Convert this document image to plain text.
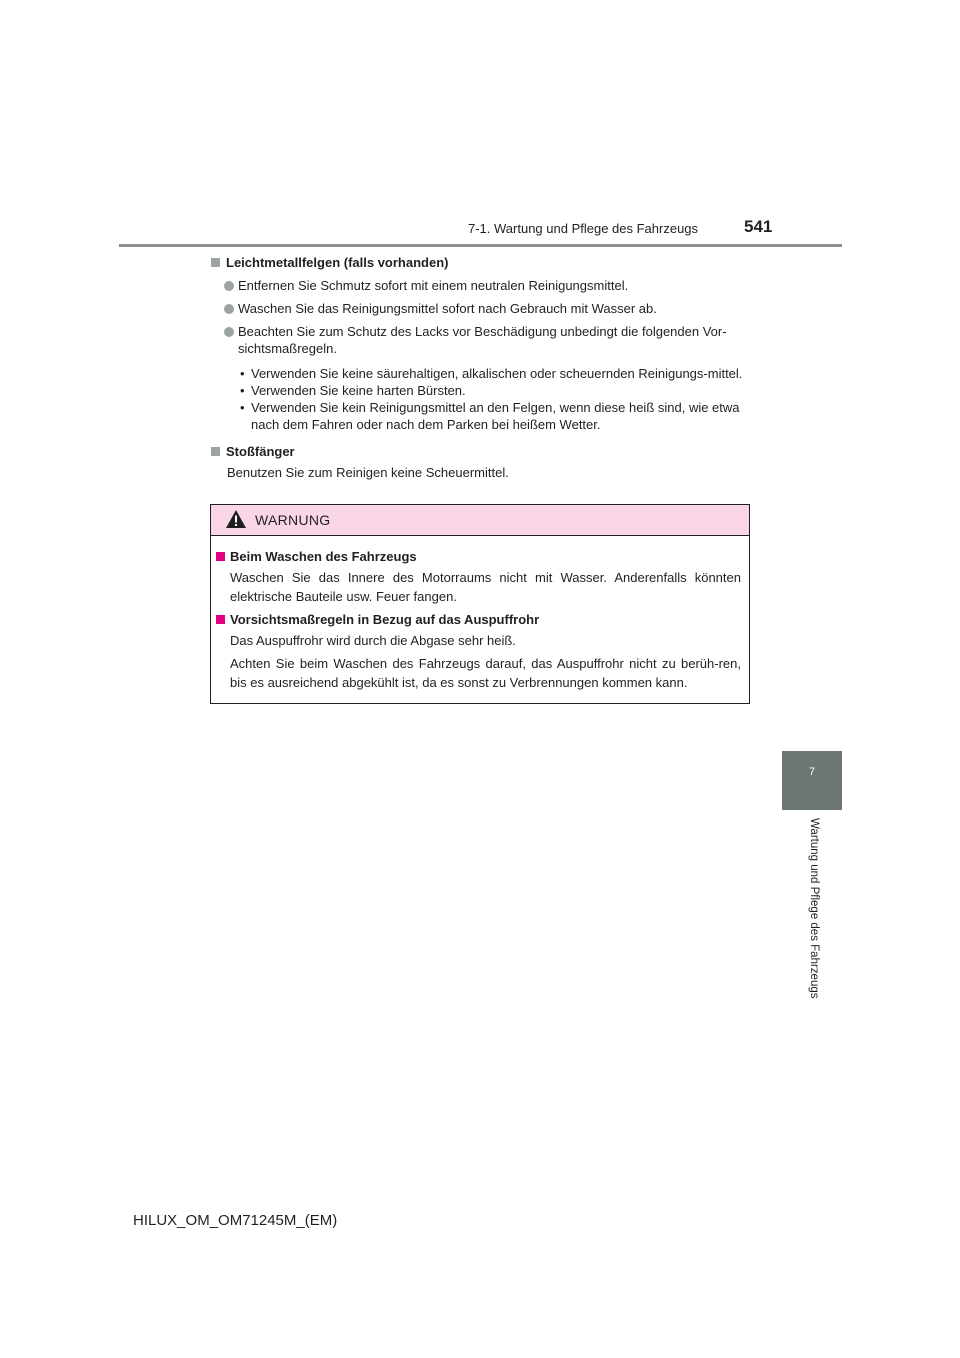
7-1. Wartung und Pflege des Fahrzeugs	541
7
Wartung und Pflege des Fahrzeugs
Leichtmetallfelgen (falls vorhanden)
Entfernen Sie Schmutz sofort mit einem neutralen Reinigungsmittel.
Waschen Sie das Reinigungsmittel sofort nach Gebrauch mit Wasser ab.
Beachten Sie zum Schutz des Lacks vor Beschädigung unbedingt die folgenden Vor-sichtsmaßregeln.
• Verwenden Sie keine säurehaltigen, alkalischen oder scheuernden Reinigungs-mittel.
• Verwenden Sie keine harten Bürsten.
• Verwenden Sie kein Reinigungsmittel an den Felgen, wenn diese heiß sind, wie etwa nach dem Fahren oder nach dem Parken bei heißem Wetter.
Stoßfänger
Benutzen Sie zum Reinigen keine Scheuermittel.
WARNUNG
Beim Waschen des Fahrzeugs
Waschen Sie das Innere des Motorraums nicht mit Wasser. Anderenfalls könnten elektrische Bauteile usw. Feuer fangen.
Vorsichtsmaßregeln in Bezug auf das Auspuffrohr
Das Auspuffrohr wird durch die Abgase sehr heiß.
Achten Sie beim Waschen des Fahrzeugs darauf, das Auspuffrohr nicht zu berüh-ren, bis es ausreichend abgekühlt ist, da es sonst zu Verbrennungen kommen kann.
HILUX_OM_OM71245M_(EM)
